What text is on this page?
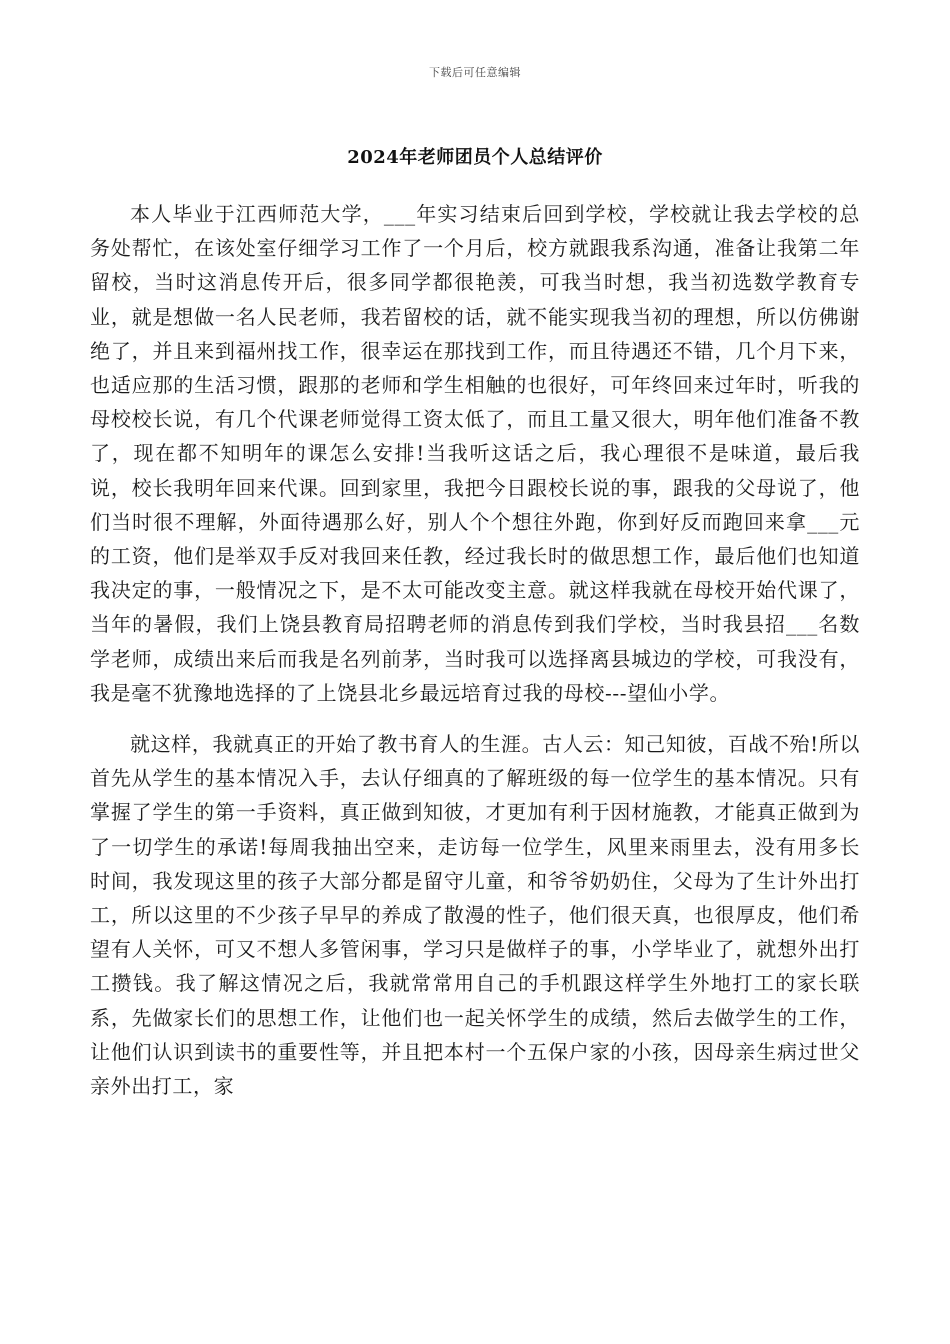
下载后可任意编辑
2024年老师团员个人总结评价

本人毕业于江西师范大学，___年实习结束后回到学校，学校就让我去学校的总务处帮忙，在该处室仔细学习工作了一个月后，校方就跟我系沟通，准备让我第二年留校，当时这消息传开后，很多同学都很艳羡，可我当时想，我当初选数学教育专业，就是想做一名人民老师，我若留校的话，就不能实现我当初的理想，所以仿佛谢绝了，并且来到福州找工作，很幸运在那找到工作，而且待遇还不错，几个月下来，也适应那的生活习惯，跟那的老师和学生相触的也很好，可年终回来过年时，听我的母校校长说，有几个代课老师觉得工资太低了，而且工量又很大，明年他们准备不教了，现在都不知明年的课怎么安排!当我听这话之后，我心理很不是味道，最后我说，校长我明年回来代课。回到家里，我把今日跟校长说的事，跟我的父母说了，他们当时很不理解，外面待遇那么好，别人个个想往外跑，你到好反而跑回来拿___元的工资，他们是举双手反对我回来任教，经过我长时的做思想工作，最后他们也知道我决定的事，一般情况之下，是不太可能改变主意。就这样我就在母校开始代课了，当年的暑假，我们上饶县教育局招聘老师的消息传到我们学校，当时我县招___名数学老师，成绩出来后而我是名列前茅，当时我可以选择离县城边的学校，可我没有，我是毫不犹豫地选择的了上饶县北乡最远培育过我的母校---望仙小学。

就这样，我就真正的开始了教书育人的生涯。古人云：知己知彼，百战不殆!所以首先从学生的基本情况入手，去认仔细真的了解班级的每一位学生的基本情况。只有掌握了学生的第一手资料，真正做到知彼，才更加有利于因材施教，才能真正做到为了一切学生的承诺!每周我抽出空来，走访每一位学生，风里来雨里去，没有用多长时间，我发现这里的孩子大部分都是留守儿童，和爷爷奶奶住，父母为了生计外出打工，所以这里的不少孩子早早的养成了散漫的性子，他们很天真，也很厚皮，他们希望有人关怀，可又不想人多管闲事，学习只是做样子的事，小学毕业了，就想外出打工攒钱。我了解这情况之后，我就常常用自己的手机跟这样学生外地打工的家长联系，先做家长们的思想工作，让他们也一起关怀学生的成绩，然后去做学生的工作，让他们认识到读书的重要性等，并且把本村一个五保户家的小孩，因母亲生病过世父亲外出打工，家
